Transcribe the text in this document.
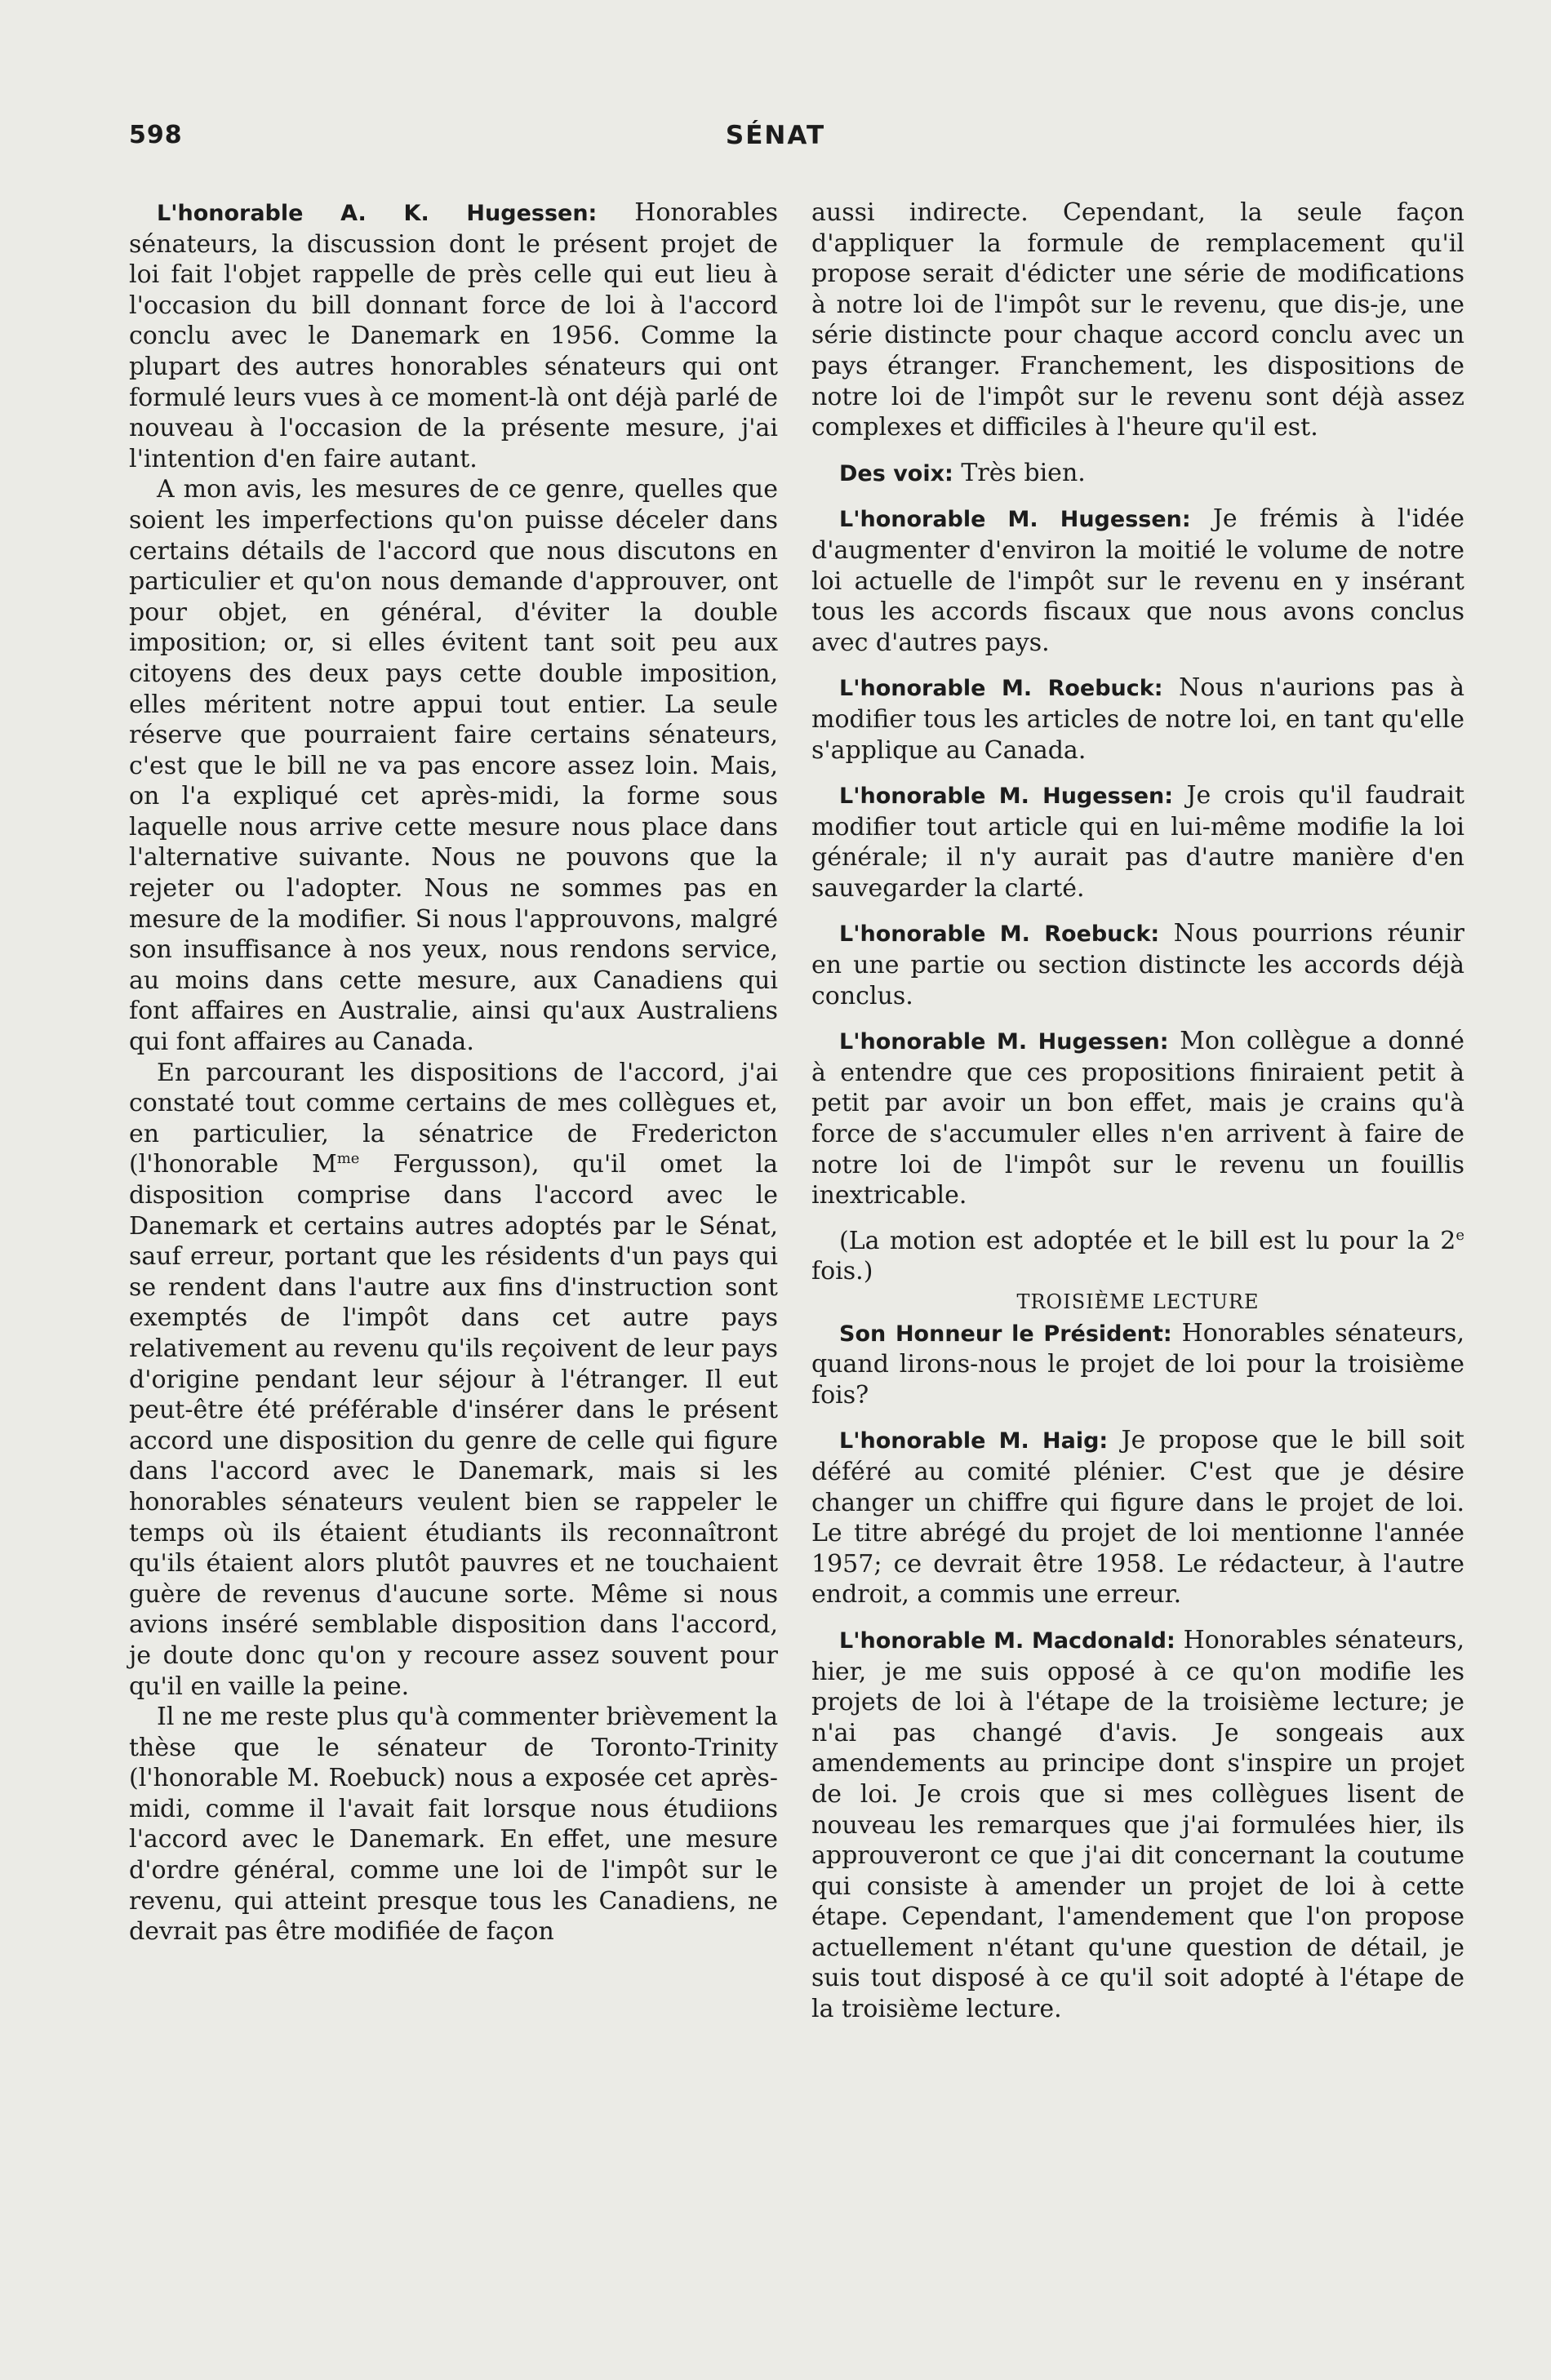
598	SÉNAT

L'honorable A. K. Hugessen: Honorables sénateurs, la discussion dont le présent projet de loi fait l'objet rappelle de près celle qui eut lieu à l'occasion du bill donnant force de loi à l'accord conclu avec le Danemark en 1956. Comme la plupart des autres honorables sénateurs qui ont formulé leurs vues à ce moment-là ont déjà parlé de nouveau à l'occasion de la présente mesure, j'ai l'intention d'en faire autant.

A mon avis, les mesures de ce genre, quelles que soient les imperfections qu'on puisse déceler dans certains détails de l'accord que nous discutons en particulier et qu'on nous demande d'approuver, ont pour objet, en général, d'éviter la double imposition; or, si elles évitent tant soit peu aux citoyens des deux pays cette double imposition, elles méritent notre appui tout entier. La seule réserve que pourraient faire certains sénateurs, c'est que le bill ne va pas encore assez loin. Mais, on l'a expliqué cet après-midi, la forme sous laquelle nous arrive cette mesure nous place dans l'alternative suivante. Nous ne pouvons que la rejeter ou l'adopter. Nous ne sommes pas en mesure de la modifier. Si nous l'approuvons, malgré son insuffisance à nos yeux, nous rendons service, au moins dans cette mesure, aux Canadiens qui font affaires en Australie, ainsi qu'aux Australiens qui font affaires au Canada.

En parcourant les dispositions de l'accord, j'ai constaté tout comme certains de mes collègues et, en particulier, la sénatrice de Fredericton (l'honorable $M^{me}$ Fergusson), qu'il omet la disposition comprise dans l'accord avec le Danemark et certains autres adoptés par le Sénat, sauf erreur, portant que les résidents d'un pays qui se rendent dans l'autre aux fins d'instruction sont exemptés de l'impôt dans cet autre pays relativement au revenu qu'ils reçoivent de leur pays d'origine pendant leur séjour à l'étranger. Il eut peut-être été préférable d'insérer dans le présent accord une disposition du genre de celle qui figure dans l'accord avec le Danemark, mais si les honorables sénateurs veulent bien se rappeler le temps où ils étaient étudiants ils reconnaîtront qu'ils étaient alors plutôt pauvres et ne touchaient guère de revenus d'aucune sorte. Même si nous avions inséré semblable disposition dans l'accord, je doute donc qu'on y recoure assez souvent pour qu'il en vaille la peine.

Il ne me reste plus qu'à commenter brièvement la thèse que le sénateur de Toronto-Trinity (l'honorable M. Roebuck) nous a exposée cet après-midi, comme il l'avait fait lorsque nous étudiions l'accord avec le Danemark. En effet, une mesure d'ordre général, comme une loi de l'impôt sur le revenu, qui atteint presque tous les Canadiens, ne devrait pas être modifiée de façon

aussi indirecte. Cependant, la seule façon d'appliquer la formule de remplacement qu'il propose serait d'édicter une série de modifications à notre loi de l'impôt sur le revenu, que dis-je, une série distincte pour chaque accord conclu avec un pays étranger. Franchement, les dispositions de notre loi de l'impôt sur le revenu sont déjà assez complexes et difficiles à l'heure qu'il est.

Des voix: Très bien.

L'honorable M. Hugessen: Je frémis à l'idée d'augmenter d'environ la moitié le volume de notre loi actuelle de l'impôt sur le revenu en y insérant tous les accords fiscaux que nous avons conclus avec d'autres pays.

L'honorable M. Roebuck: Nous n'aurions pas à modifier tous les articles de notre loi, en tant qu'elle s'applique au Canada.

L'honorable M. Hugessen: Je crois qu'il faudrait modifier tout article qui en lui-même modifie la loi générale; il n'y aurait pas d'autre manière d'en sauvegarder la clarté.

L'honorable M. Roebuck: Nous pourrions réunir en une partie ou section distincte les accords déjà conclus.

L'honorable M. Hugessen: Mon collègue a donné à entendre que ces propositions finiraient petit à petit par avoir un bon effet, mais je crains qu'à force de s'accumuler elles n'en arrivent à faire de notre loi de l'impôt sur le revenu un fouillis inextricable.

(La motion est adoptée et le bill est lu pour la 2e fois.)

TROISIÈME LECTURE

Son Honneur le Président: Honorables sénateurs, quand lirons-nous le projet de loi pour la troisième fois?

L'honorable M. Haig: Je propose que le bill soit déféré au comité plénier. C'est que je désire changer un chiffre qui figure dans le projet de loi. Le titre abrégé du projet de loi mentionne l'année 1957; ce devrait être 1958. Le rédacteur, à l'autre endroit, a commis une erreur.

L'honorable M. Macdonald: Honorables sénateurs, hier, je me suis opposé à ce qu'on modifie les projets de loi à l'étape de la troisième lecture; je n'ai pas changé d'avis. Je songeais aux amendements au principe dont s'inspire un projet de loi. Je crois que si mes collègues lisent de nouveau les remarques que j'ai formulées hier, ils approuveront ce que j'ai dit concernant la coutume qui consiste à amender un projet de loi à cette étape. Cependant, l'amendement que l'on propose actuellement n'étant qu'une question de détail, je suis tout disposé à ce qu'il soit adopté à l'étape de la troisième lecture.
